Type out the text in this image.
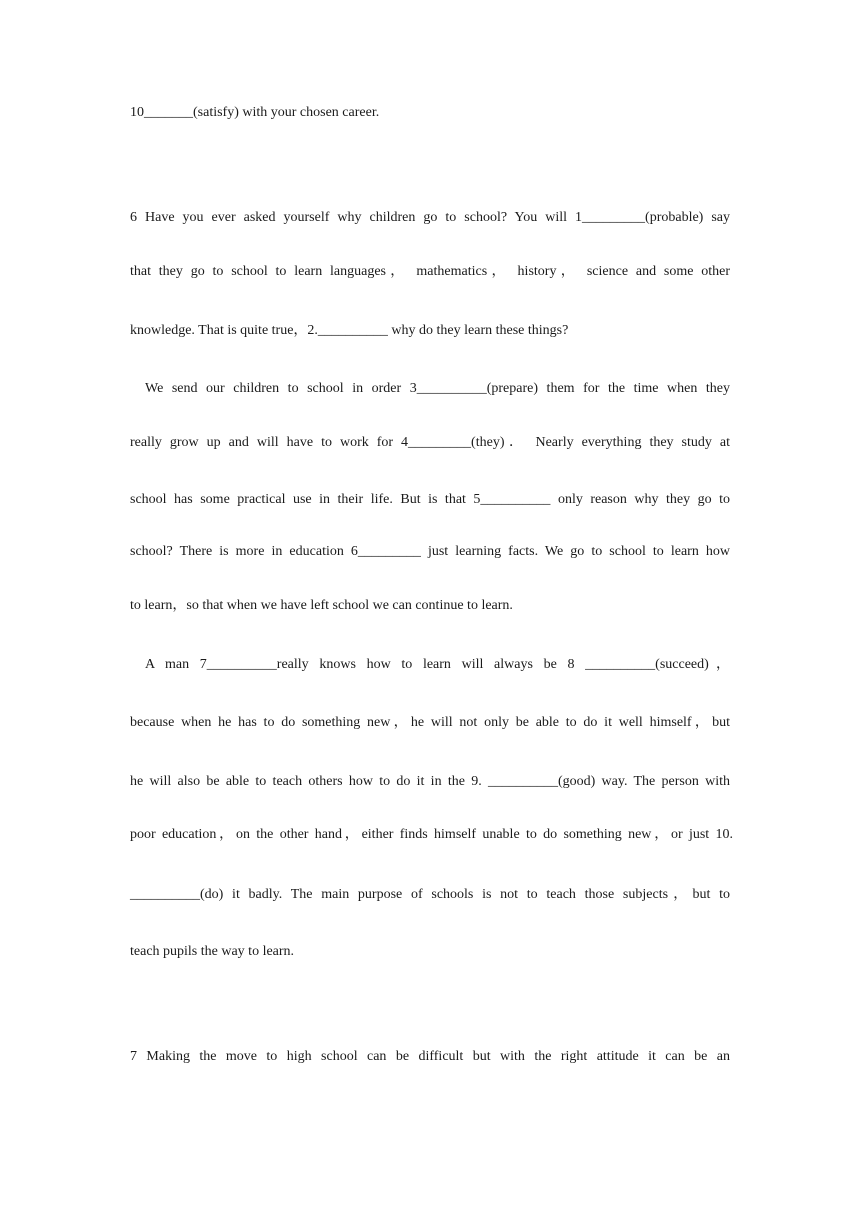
10_______(satisfy) with your chosen career.

6 Have you ever asked yourself why children go to school? You will 1_________(probable) say

that they go to school to learn languages， mathematics， history， science and some other

knowledge. That is quite true，2.__________ why do they learn these things?

We send our children to school in order 3__________(prepare) them for the time when they

really grow up and will have to work for 4_________(they)． Nearly everything they study at

school has some practical use in their life. But is that 5__________ only reason why they go to

school? There is more in education 6_________ just learning facts. We go to school to learn how

to learn，so that when we have left school we can continue to learn.

A man 7__________really knows how to learn will always be 8 __________(succeed)，

because when he has to do something new，he will not only be able to do it well himself，but

he will also be able to teach others how to do it in the 9. __________(good) way. The person with

poor education，on the other hand，either finds himself unable to do something new，or just 10.

__________(do) it badly. The main purpose of schools is not to teach those subjects，but to

teach pupils the way to learn.

7 Making the move to high school can be difficult but with the right attitude it can be an
